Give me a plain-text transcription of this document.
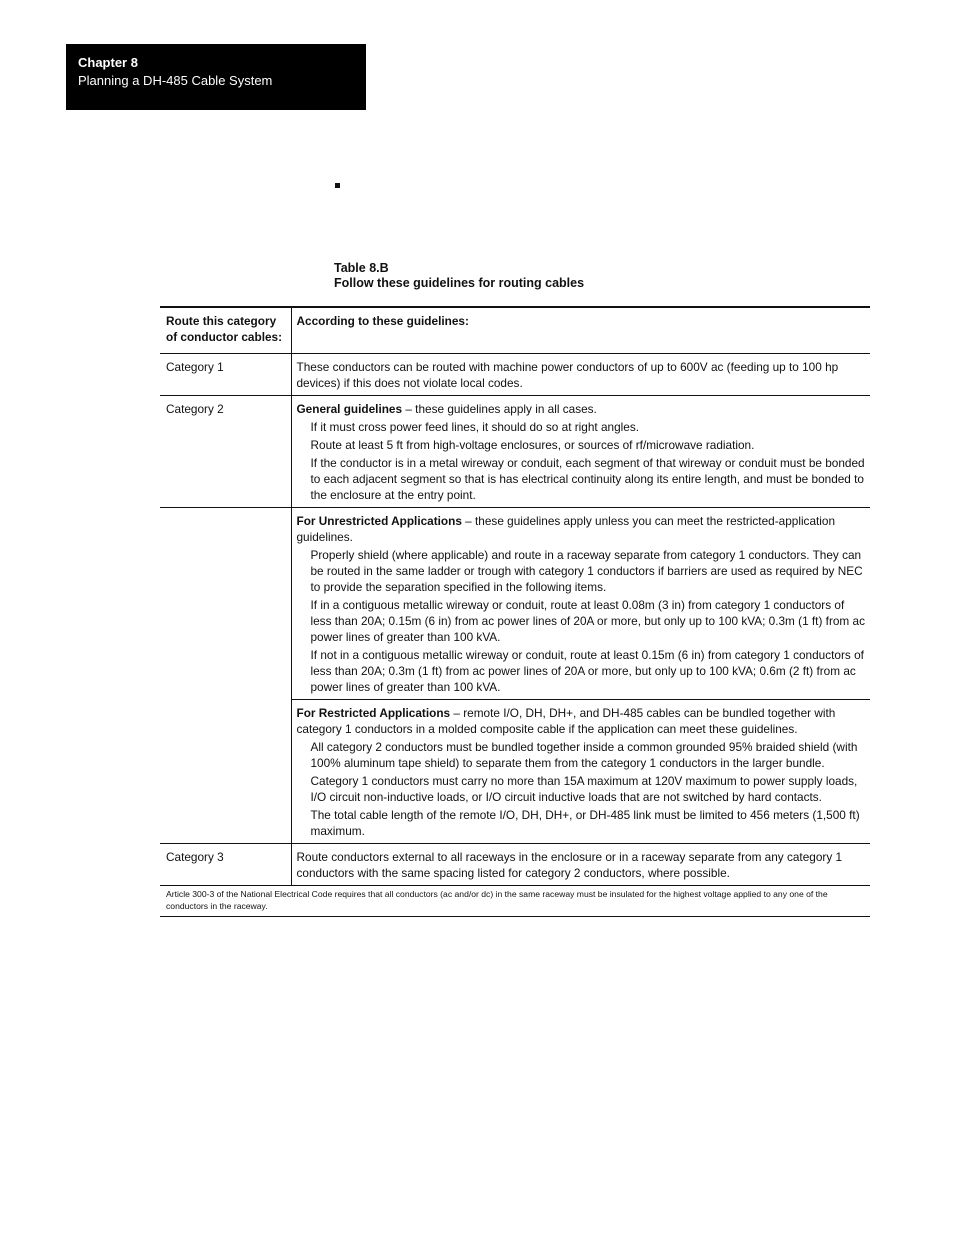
Chapter 8
Planning a DH-485 Cable System
Table 8.B
Follow these guidelines for routing cables
Route this category of conductor cables:	According to these guidelines:
Category 1	These conductors can be routed with machine power conductors of up to 600V ac (feeding up to 100 hp devices) if this does not violate local codes.
Category 2	General guidelines – these guidelines apply in all cases.
If it must cross power feed lines, it should do so at right angles.
Route at least 5 ft from high-voltage enclosures, or sources of rf/microwave radiation.
If the conductor is in a metal wireway or conduit, each segment of that wireway or conduit must be bonded to each adjacent segment so that is has electrical continuity along its entire length, and must be bonded to the enclosure at the entry point.

	For Unrestricted Applications – these guidelines apply unless you can meet the restricted-application guidelines.
Properly shield (where applicable) and route in a raceway separate from category 1 conductors. They can be routed in the same ladder or trough with category 1 conductors if barriers are used as required by NEC to provide the separation specified in the following items.
If in a contiguous metallic wireway or conduit, route at least 0.08m (3 in) from category 1 conductors of less than 20A; 0.15m (6 in) from ac power lines of 20A or more, but only up to 100 kVA; 0.3m (1 ft) from ac power lines of greater than 100 kVA.
If not in a contiguous metallic wireway or conduit, route at least 0.15m (6 in) from category 1 conductors of less than 20A; 0.3m (1 ft) from ac power lines of 20A or more, but only up to 100 kVA; 0.6m (2 ft) from ac power lines of greater than 100 kVA.

	For Restricted Applications – remote I/O, DH, DH+, and DH-485 cables can be bundled together with category 1 conductors in a molded composite cable if the application can meet these guidelines.
All category 2 conductors must be bundled together inside a common grounded 95% braided shield (with 100% aluminum tape shield) to separate them from the category 1 conductors in the larger bundle.
Category 1 conductors must carry no more than 15A maximum at 120V maximum to power supply loads, I/O circuit non-inductive loads, or I/O circuit inductive loads that are not switched by hard contacts.
The total cable length of the remote I/O, DH, DH+, or DH-485 link must be limited to 456 meters (1,500 ft) maximum.

Category 3	Route conductors external to all raceways in the enclosure or in a raceway separate from any category 1 conductors with the same spacing listed for category 2 conductors, where possible.
Article 300-3 of the National Electrical Code requires that all conductors (ac and/or dc) in the same raceway must be insulated for the highest voltage applied to any one of the conductors in the raceway.	
